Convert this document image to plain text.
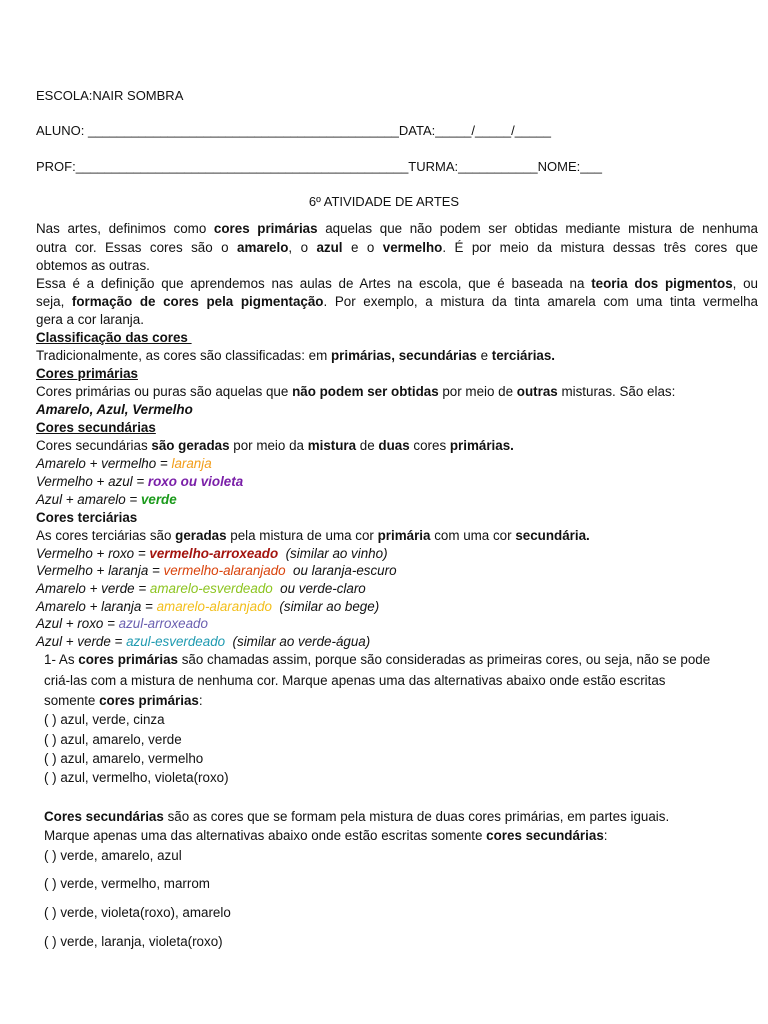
ESCOLA:NAIR SOMBRA
ALUNO: ___________________________________________DATA:_____/_____/_____
PROF:______________________________________________TURMA:___________NOME:___
6º ATIVIDADE DE ARTES
Nas artes, definimos como cores primárias aquelas que não podem ser obtidas mediante mistura de nenhuma
outra cor. Essas cores são o amarelo, o azul e o vermelho. É por meio da mistura dessas três cores que
obtemos as outras.
Essa é a definição que aprendemos nas aulas de Artes na escola, que é baseada na teoria dos pigmentos, ou
seja, formação de cores pela pigmentação. Por exemplo, a mistura da tinta amarela com uma tinta vermelha
gera a cor laranja.
Classificação das cores
Tradicionalmente, as cores são classificadas: em primárias, secundárias e terciárias.
Cores primárias
Cores primárias ou puras são aquelas que não podem ser obtidas por meio de outras misturas. São elas:
Amarelo, Azul, Vermelho
Cores secundárias
Cores secundárias são geradas por meio da mistura de duas cores primárias.
Amarelo + vermelho = laranja
Vermelho + azul = roxo ou violeta
Azul + amarelo = verde
Cores terciárias
As cores terciárias são geradas pela mistura de uma cor primária com uma cor secundária.
Vermelho + roxo = vermelho-arroxeado  (similar ao vinho)
Vermelho + laranja = vermelho-alaranjado  ou laranja-escuro
Amarelo + verde = amarelo-esverdeado  ou verde-claro
Amarelo + laranja = amarelo-alaranjado  (similar ao bege)
Azul + roxo = azul-arroxeado
Azul + verde = azul-esverdeado  (similar ao verde-água)
1- As cores primárias são chamadas assim, porque são consideradas as primeiras cores, ou seja, não se pode
criá-las com a mistura de nenhuma cor. Marque apenas uma das alternativas abaixo onde estão escritas
somente cores primárias:
( ) azul, verde, cinza
( ) azul, amarelo, verde
( ) azul, amarelo, vermelho
( ) azul, vermelho, violeta(roxo)
Cores secundárias são as cores que se formam pela mistura de duas cores primárias, em partes iguais.
Marque apenas uma das alternativas abaixo onde estão escritas somente cores secundárias:
( ) verde, amarelo, azul
( ) verde, vermelho, marrom
( ) verde, violeta(roxo), amarelo
( ) verde, laranja, violeta(roxo)
